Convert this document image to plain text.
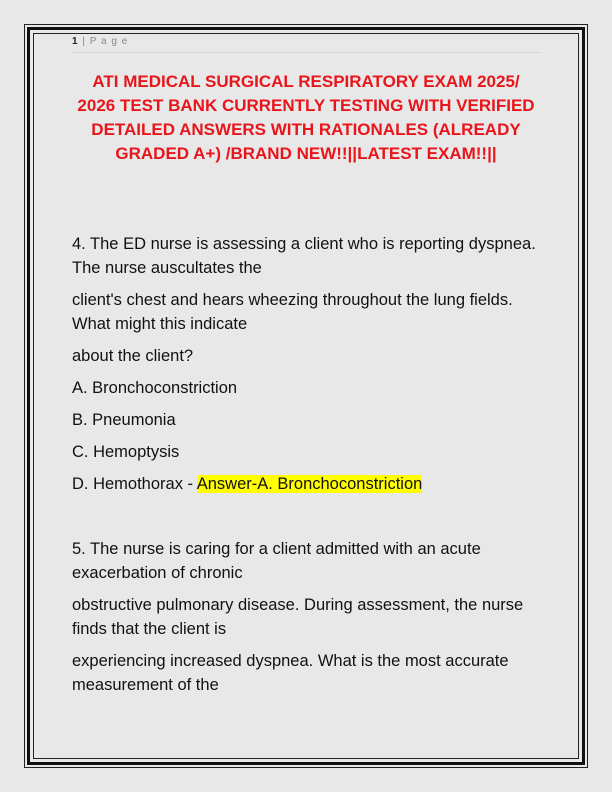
1 | P a g e
ATI MEDICAL SURGICAL RESPIRATORY EXAM 2025/ 2026 TEST BANK CURRENTLY TESTING WITH VERIFIED DETAILED ANSWERS WITH RATIONALES (ALREADY GRADED A+) /BRAND NEW!!||LATEST EXAM!!||
4. The ED nurse is assessing a client who is reporting dyspnea. The nurse auscultates the
client's chest and hears wheezing throughout the lung fields. What might this indicate
about the client?
A. Bronchoconstriction
B. Pneumonia
C. Hemoptysis
D. Hemothorax - Answer-A. Bronchoconstriction
5. The nurse is caring for a client admitted with an acute exacerbation of chronic
obstructive pulmonary disease. During assessment, the nurse finds that the client is
experiencing increased dyspnea. What is the most accurate measurement of the
